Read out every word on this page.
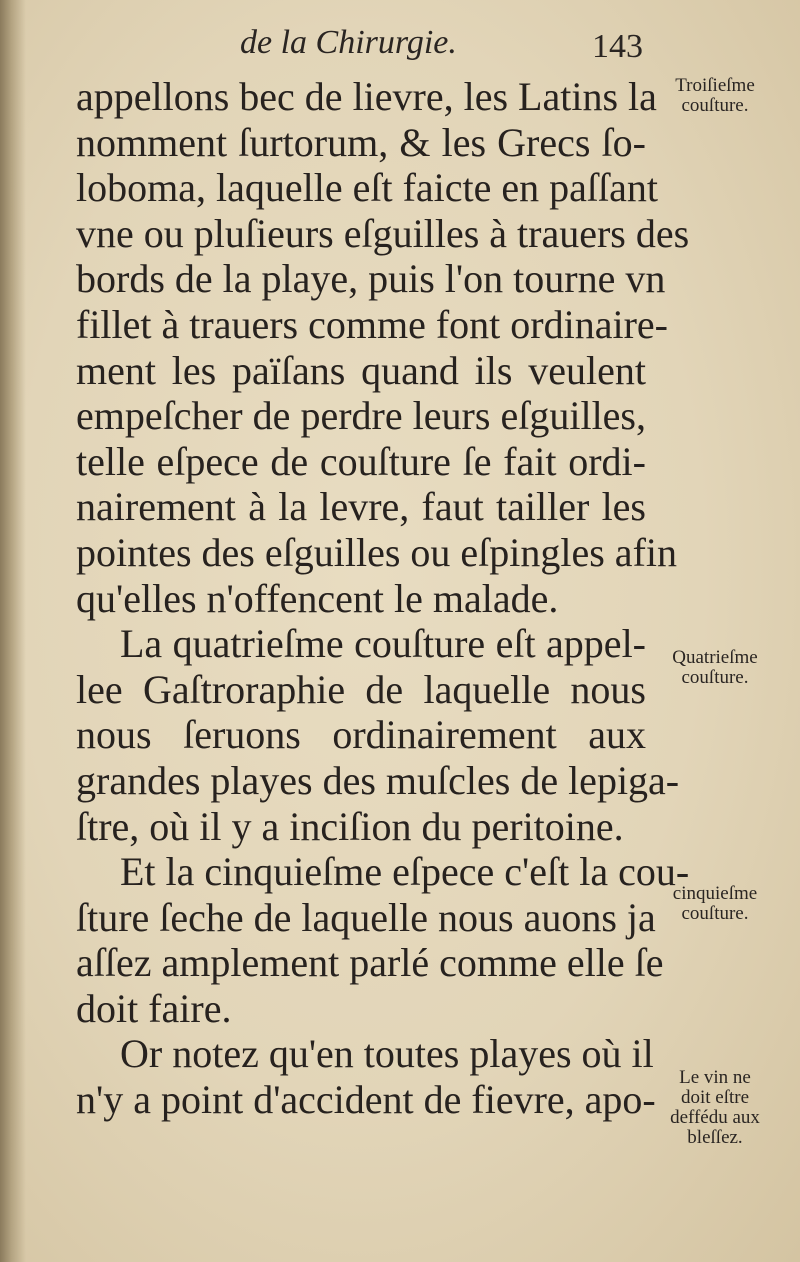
de la Chirurgie.	143
appellons bec de lievre, les Latins la
nomment ſurtorum, & les Grecs ſo-
loboma, laquelle eſt faicte en paſſant
vne ou pluſieurs eſguilles à trauers des
bords de la playe, puis l'on tourne vn
fillet à trauers comme font ordinaire-
ment les païſans quand ils veulent
empeſcher de perdre leurs eſguilles,
telle eſpece de couſture ſe fait ordi-
nairement à la levre, faut tailler les
pointes des eſguilles ou eſpingles afin
qu'elles n'offencent le malade.
La quatrieſme couſture eſt appel-
lee Gaſtroraphie de laquelle nous
nous ſeruons ordinairement aux
grandes playes des muſcles de lepiga-
ſtre, où il y a inciſion du peritoine.
Et la cinquieſme eſpece c'eſt la cou-
ſture ſeche de laquelle nous auons ja
aſſez amplement parlé comme elle ſe
doit faire.
Or notez qu'en toutes playes où il
n'y a point d'accident de fievre, apo-
Troiſieſme
couſture.
Quatrieſme
couſture.
cinquieſme
couſture.
Le vin ne
doit eſtre
deffédu aux
bleſſez.
